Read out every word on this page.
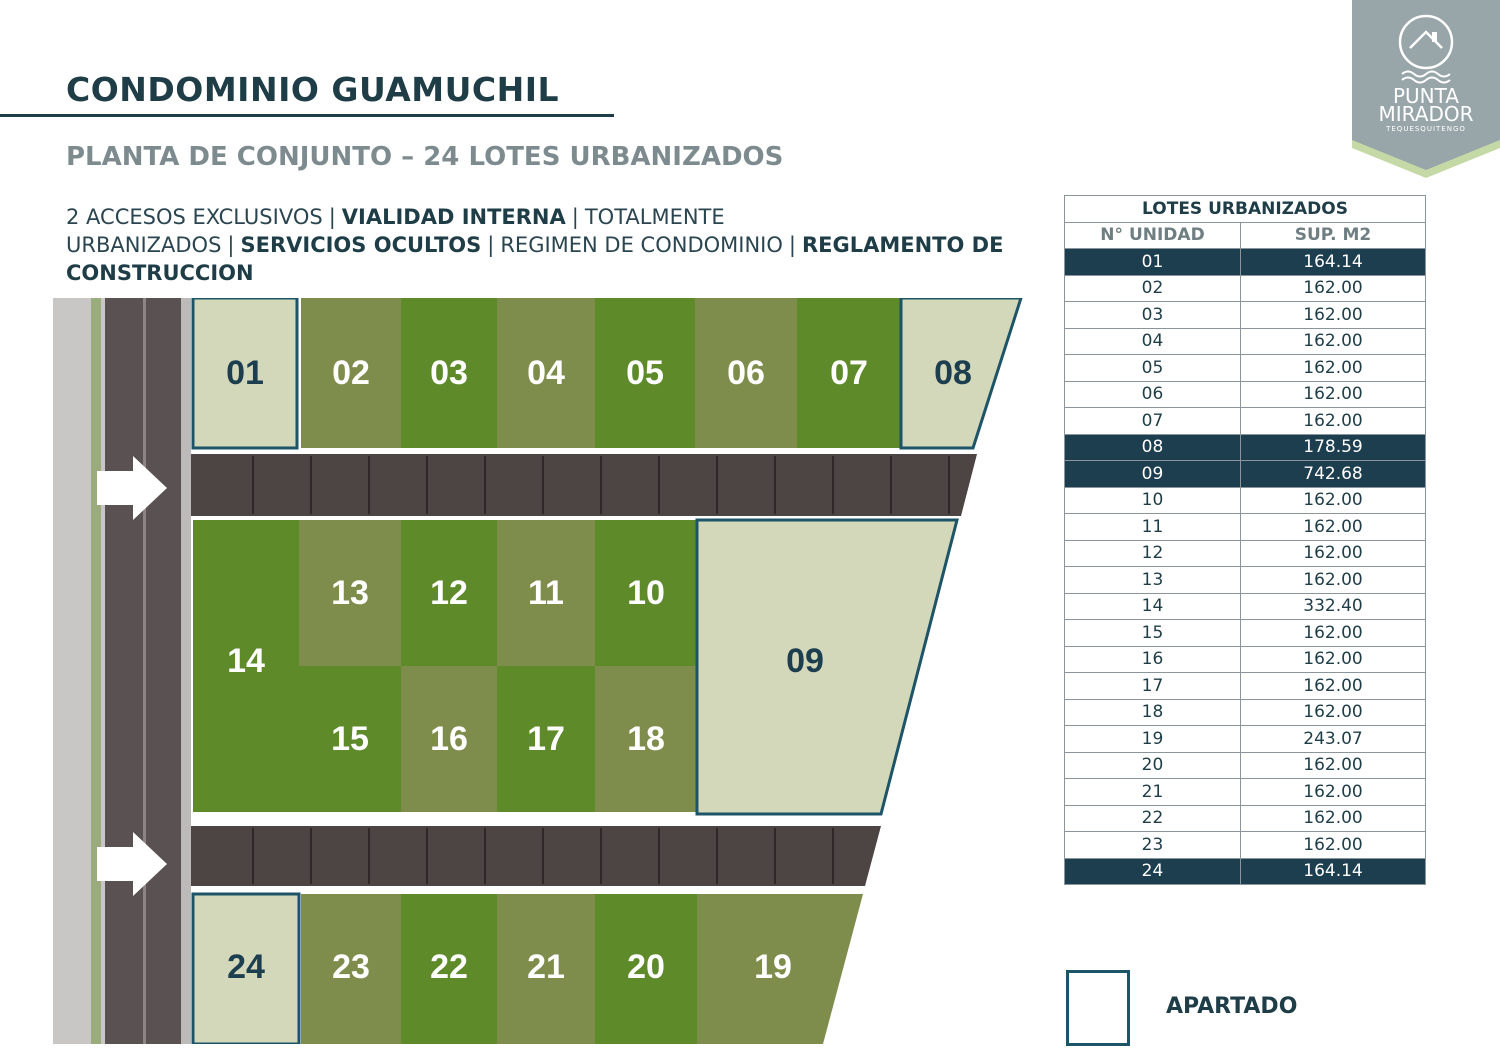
CONDOMINIO GUAMUCHIL
PLANTA DE CONJUNTO – 24 LOTES URBANIZADOS
2 ACCESOS EXCLUSIVOS | VIALIDAD INTERNA | TOTALMENTE URBANIZADOS | SERVICIOS OCULTOS | REGIMEN DE CONDOMINIO | REGLAMENTO DE CONSTRUCCION
PUNTA
MIRADOR
TEQUESQUITENGO
01 02 03 04 05 06 07 08
14
13 12 11 10
15 16 17 18
09
24 23 22 21 20	19
LOTES URBANIZADOS	
N° UNIDAD	SUP. M2
01	164.14
02	162.00
03	162.00
04	162.00
05	162.00
06	162.00
07	162.00
08	178.59
09	742.68
10	162.00
11	162.00
12	162.00
13	162.00
14	332.40
15	162.00
16	162.00
17	162.00
18	162.00
19	243.07
20	162.00
21	162.00
22	162.00
23	162.00
24	164.14
APARTADO
